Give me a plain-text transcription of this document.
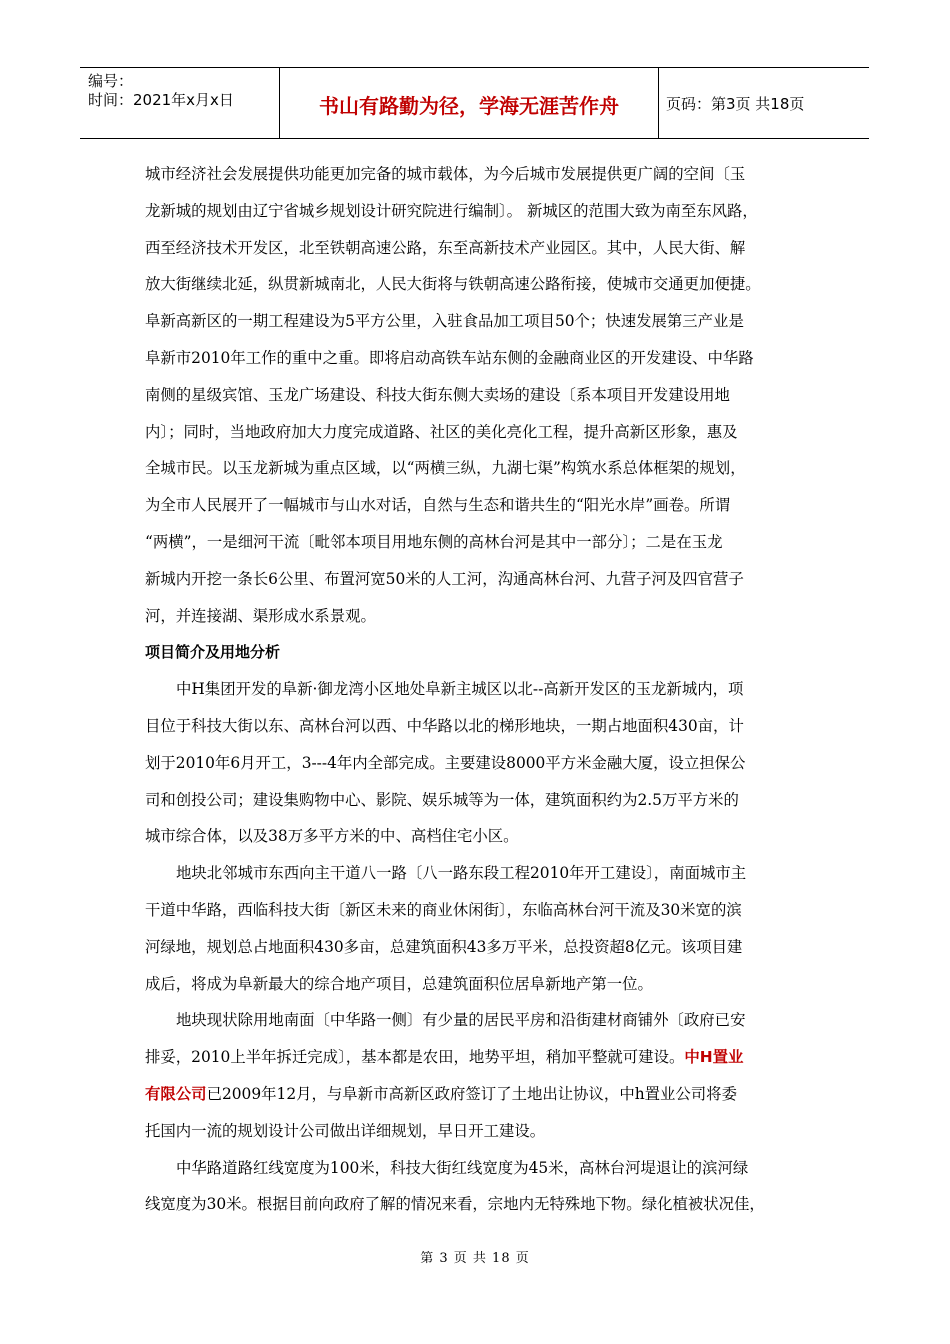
编号：
时间：2021年x月x日	书山有路勤为径，学海无涯苦作舟	页码：第3页 共18页
城市经济社会发展提供功能更加完备的城市载体，为今后城市发展提供更广阔的空间〔玉
龙新城的规划由辽宁省城乡规划设计研究院进行编制〕。 新城区的范围大致为南至东风路，
西至经济技术开发区，北至铁朝高速公路，东至高新技术产业园区。其中，人民大街、解
放大街继续北延，纵贯新城南北，人民大街将与铁朝高速公路衔接，使城市交通更加便捷。
阜新高新区的一期工程建设为5平方公里，入驻食品加工项目50个；快速发展第三产业是
阜新市2010年工作的重中之重。即将启动高铁车站东侧的金融商业区的开发建设、中华路
南侧的星级宾馆、玉龙广场建设、科技大街东侧大卖场的建设〔系本项目开发建设用地
内〕；同时，当地政府加大力度完成道路、社区的美化亮化工程，提升高新区形象，惠及
全城市民。以玉龙新城为重点区域，以“两横三纵，九湖七渠”构筑水系总体框架的规划，
为全市人民展开了一幅城市与山水对话，自然与生态和谐共生的“阳光水岸”画卷。所谓
“两横”，一是细河干流〔毗邻本项目用地东侧的高林台河是其中一部分〕；二是在玉龙
新城内开挖一条长6公里、布置河宽50米的人工河，沟通高林台河、九营子河及四官营子
河，并连接湖、渠形成水系景观。
项目简介及用地分析
中H集团开发的阜新·御龙湾小区地处阜新主城区以北--高新开发区的玉龙新城内，项
目位于科技大街以东、高林台河以西、中华路以北的梯形地块，一期占地面积430亩，计
划于2010年6月开工，3---4年内全部完成。主要建设8000平方米金融大厦，设立担保公
司和创投公司；建设集购物中心、影院、娱乐城等为一体，建筑面积约为2.5万平方米的
城市综合体，以及38万多平方米的中、高档住宅小区。
地块北邻城市东西向主干道八一路〔八一路东段工程2010年开工建设〕，南面城市主
干道中华路，西临科技大街〔新区未来的商业休闲街〕，东临高林台河干流及30米宽的滨
河绿地，规划总占地面积430多亩，总建筑面积43多万平米，总投资超8亿元。该项目建
成后，将成为阜新最大的综合地产项目，总建筑面积位居阜新地产第一位。
地块现状除用地南面〔中华路一侧〕有少量的居民平房和沿街建材商铺外〔政府已安
排妥，2010上半年拆迁完成〕，基本都是农田，地势平坦，稍加平整就可建设。中H置业
有限公司已2009年12月，与阜新市高新区政府签订了土地出让协议，中h置业公司将委
托国内一流的规划设计公司做出详细规划，早日开工建设。
中华路道路红线宽度为100米，科技大街红线宽度为45米，高林台河堤退让的滨河绿
线宽度为30米。根据目前向政府了解的情况来看，宗地内无特殊地下物。绿化植被状况佳，
第 3 页 共 18 页
